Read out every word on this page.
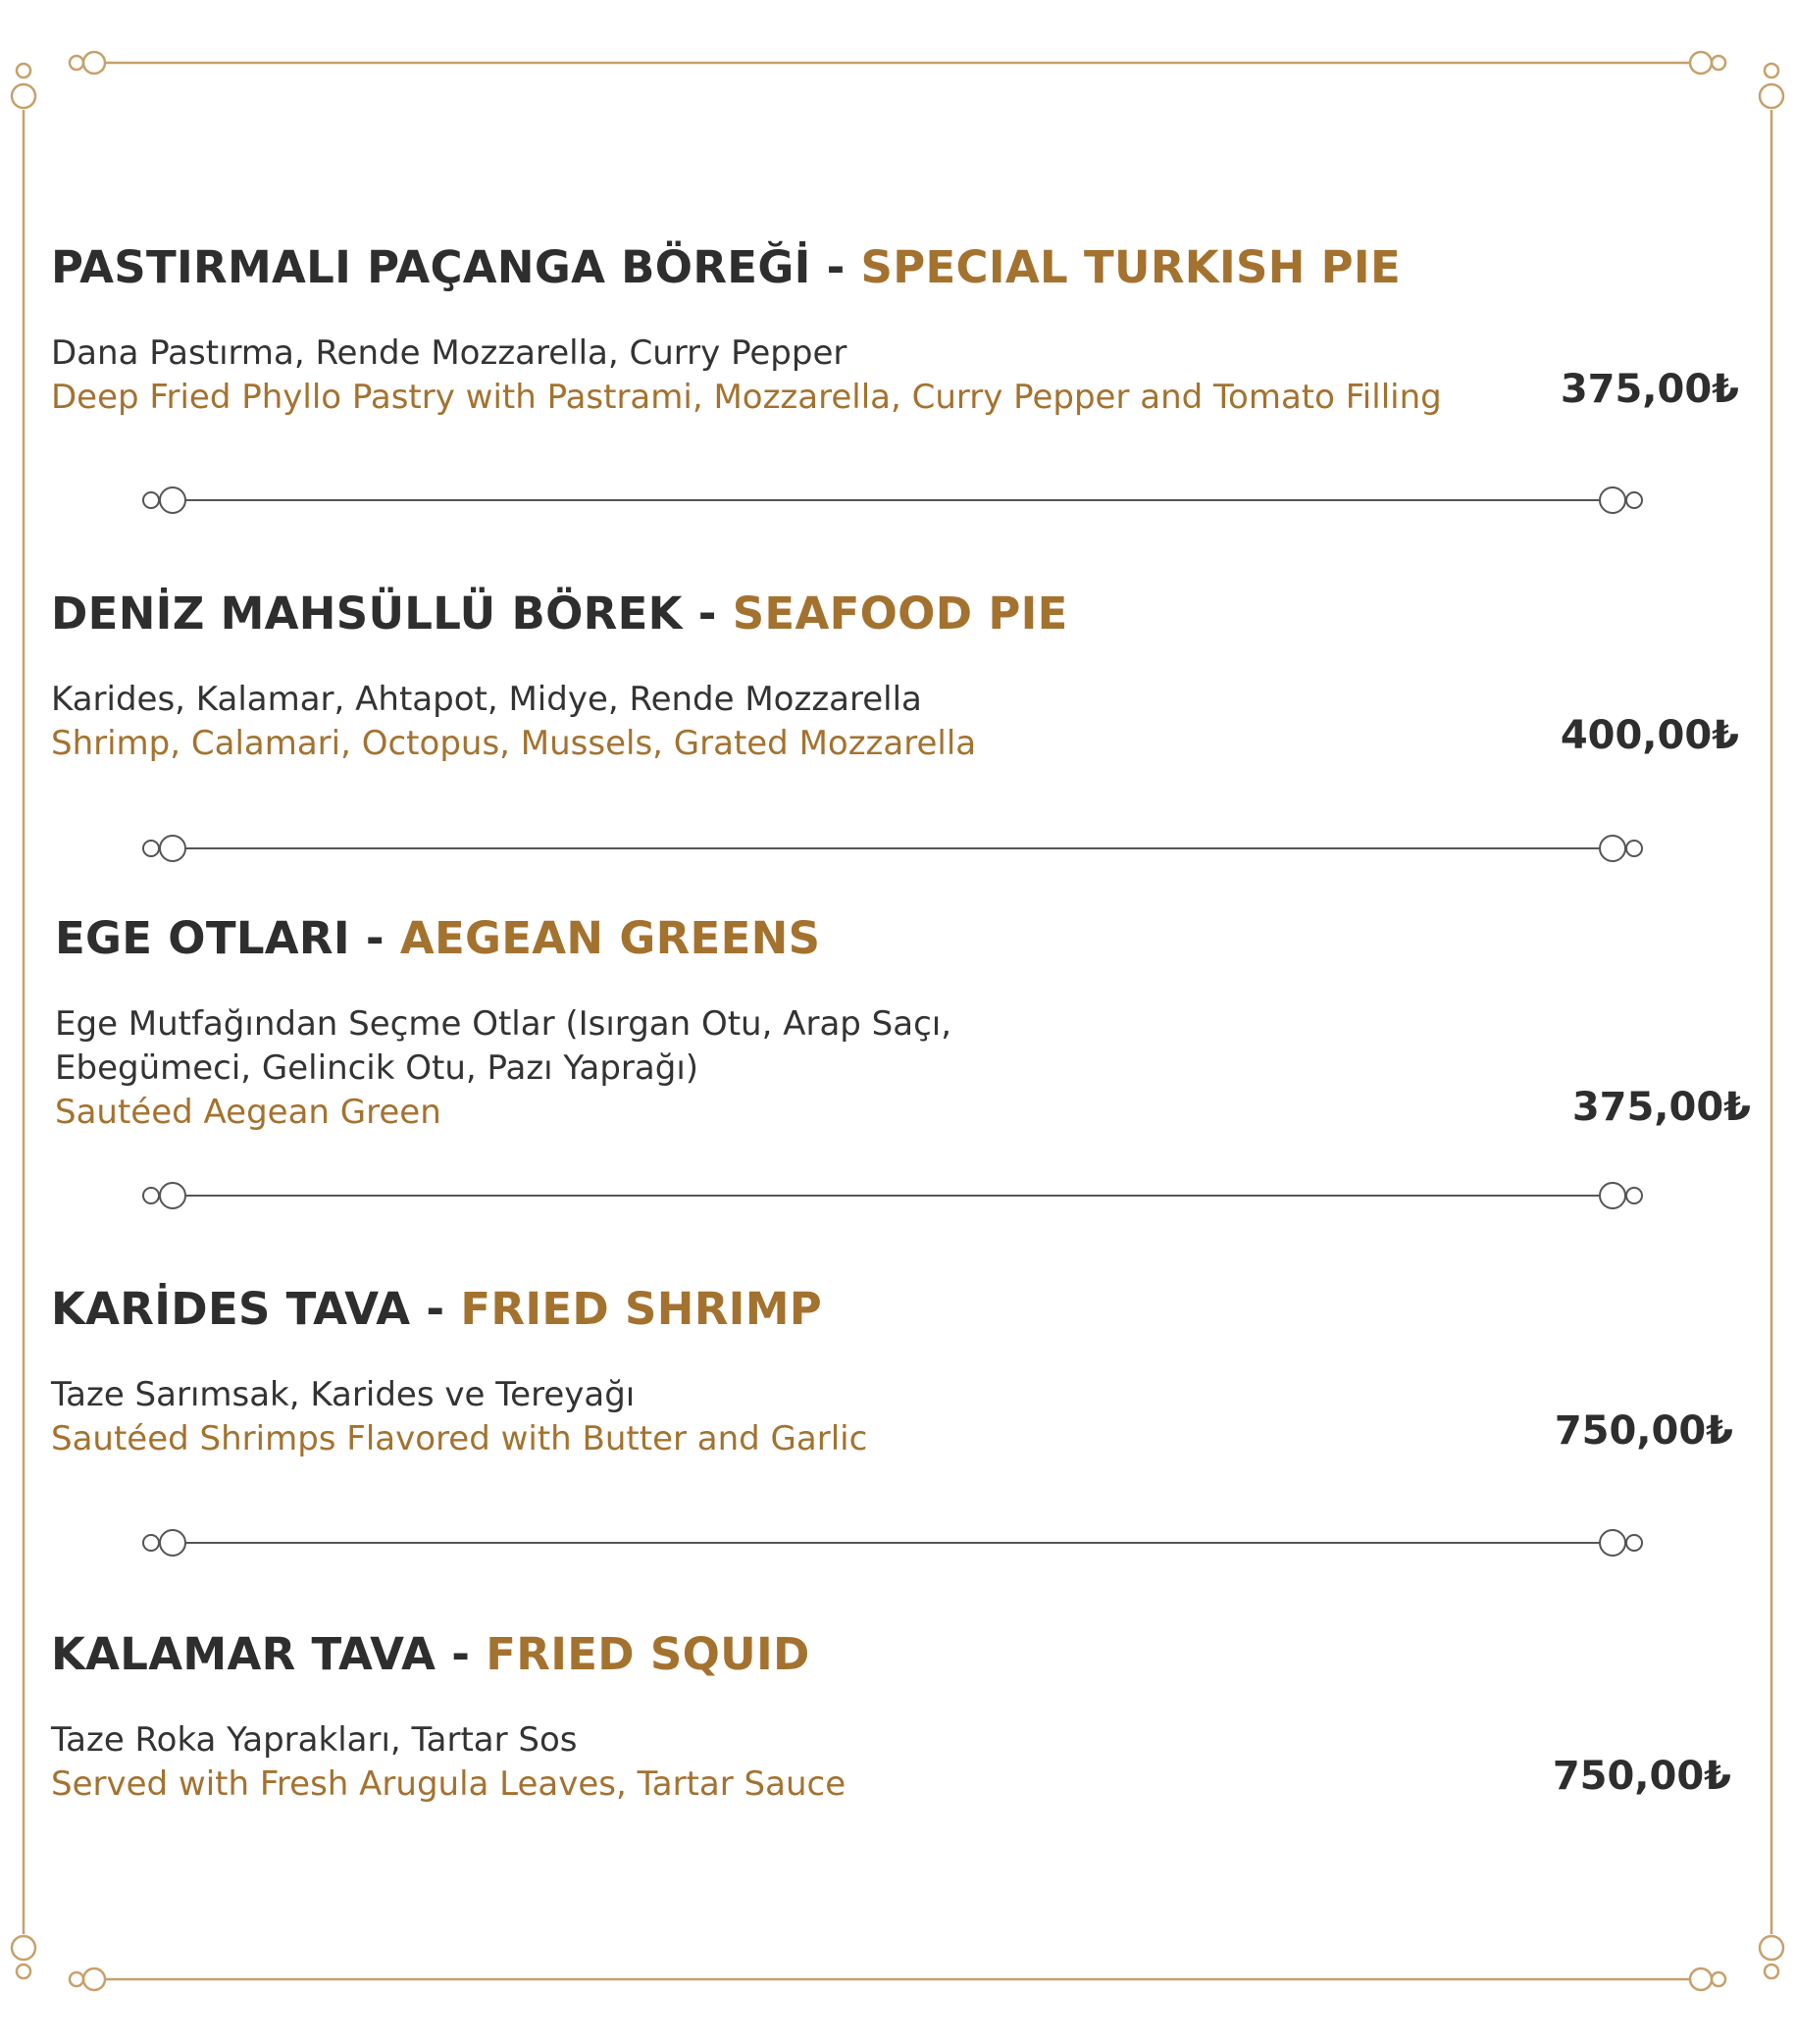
PASTIRMALI PAÇANGA BÖREĞİ - SPECIAL TURKISH PIE
Dana Pastırma, Rende Mozzarella, Curry Pepper
Deep Fried Phyllo Pastry with Pastrami, Mozzarella, Curry Pepper and Tomato Filling	375,00₺
DENİZ MAHSÜLLÜ BÖREK - SEAFOOD PIE
Karides, Kalamar, Ahtapot, Midye, Rende Mozzarella
Shrimp, Calamari, Octopus, Mussels, Grated Mozzarella	400,00₺
EGE OTLARI - AEGEAN GREENS
Ege Mutfağından Seçme Otlar (Isırgan Otu, Arap Saçı,
Ebegümeci, Gelincik Otu, Pazı Yaprağı)
Sautéed Aegean Green	375,00₺
KARİDES TAVA - FRIED SHRIMP
Taze Sarımsak, Karides ve Tereyağı
Sautéed Shrimps Flavored with Butter and Garlic	750,00₺
KALAMAR TAVA - FRIED SQUID
Taze Roka Yaprakları, Tartar Sos
Served with Fresh Arugula Leaves, Tartar Sauce	750,00₺
